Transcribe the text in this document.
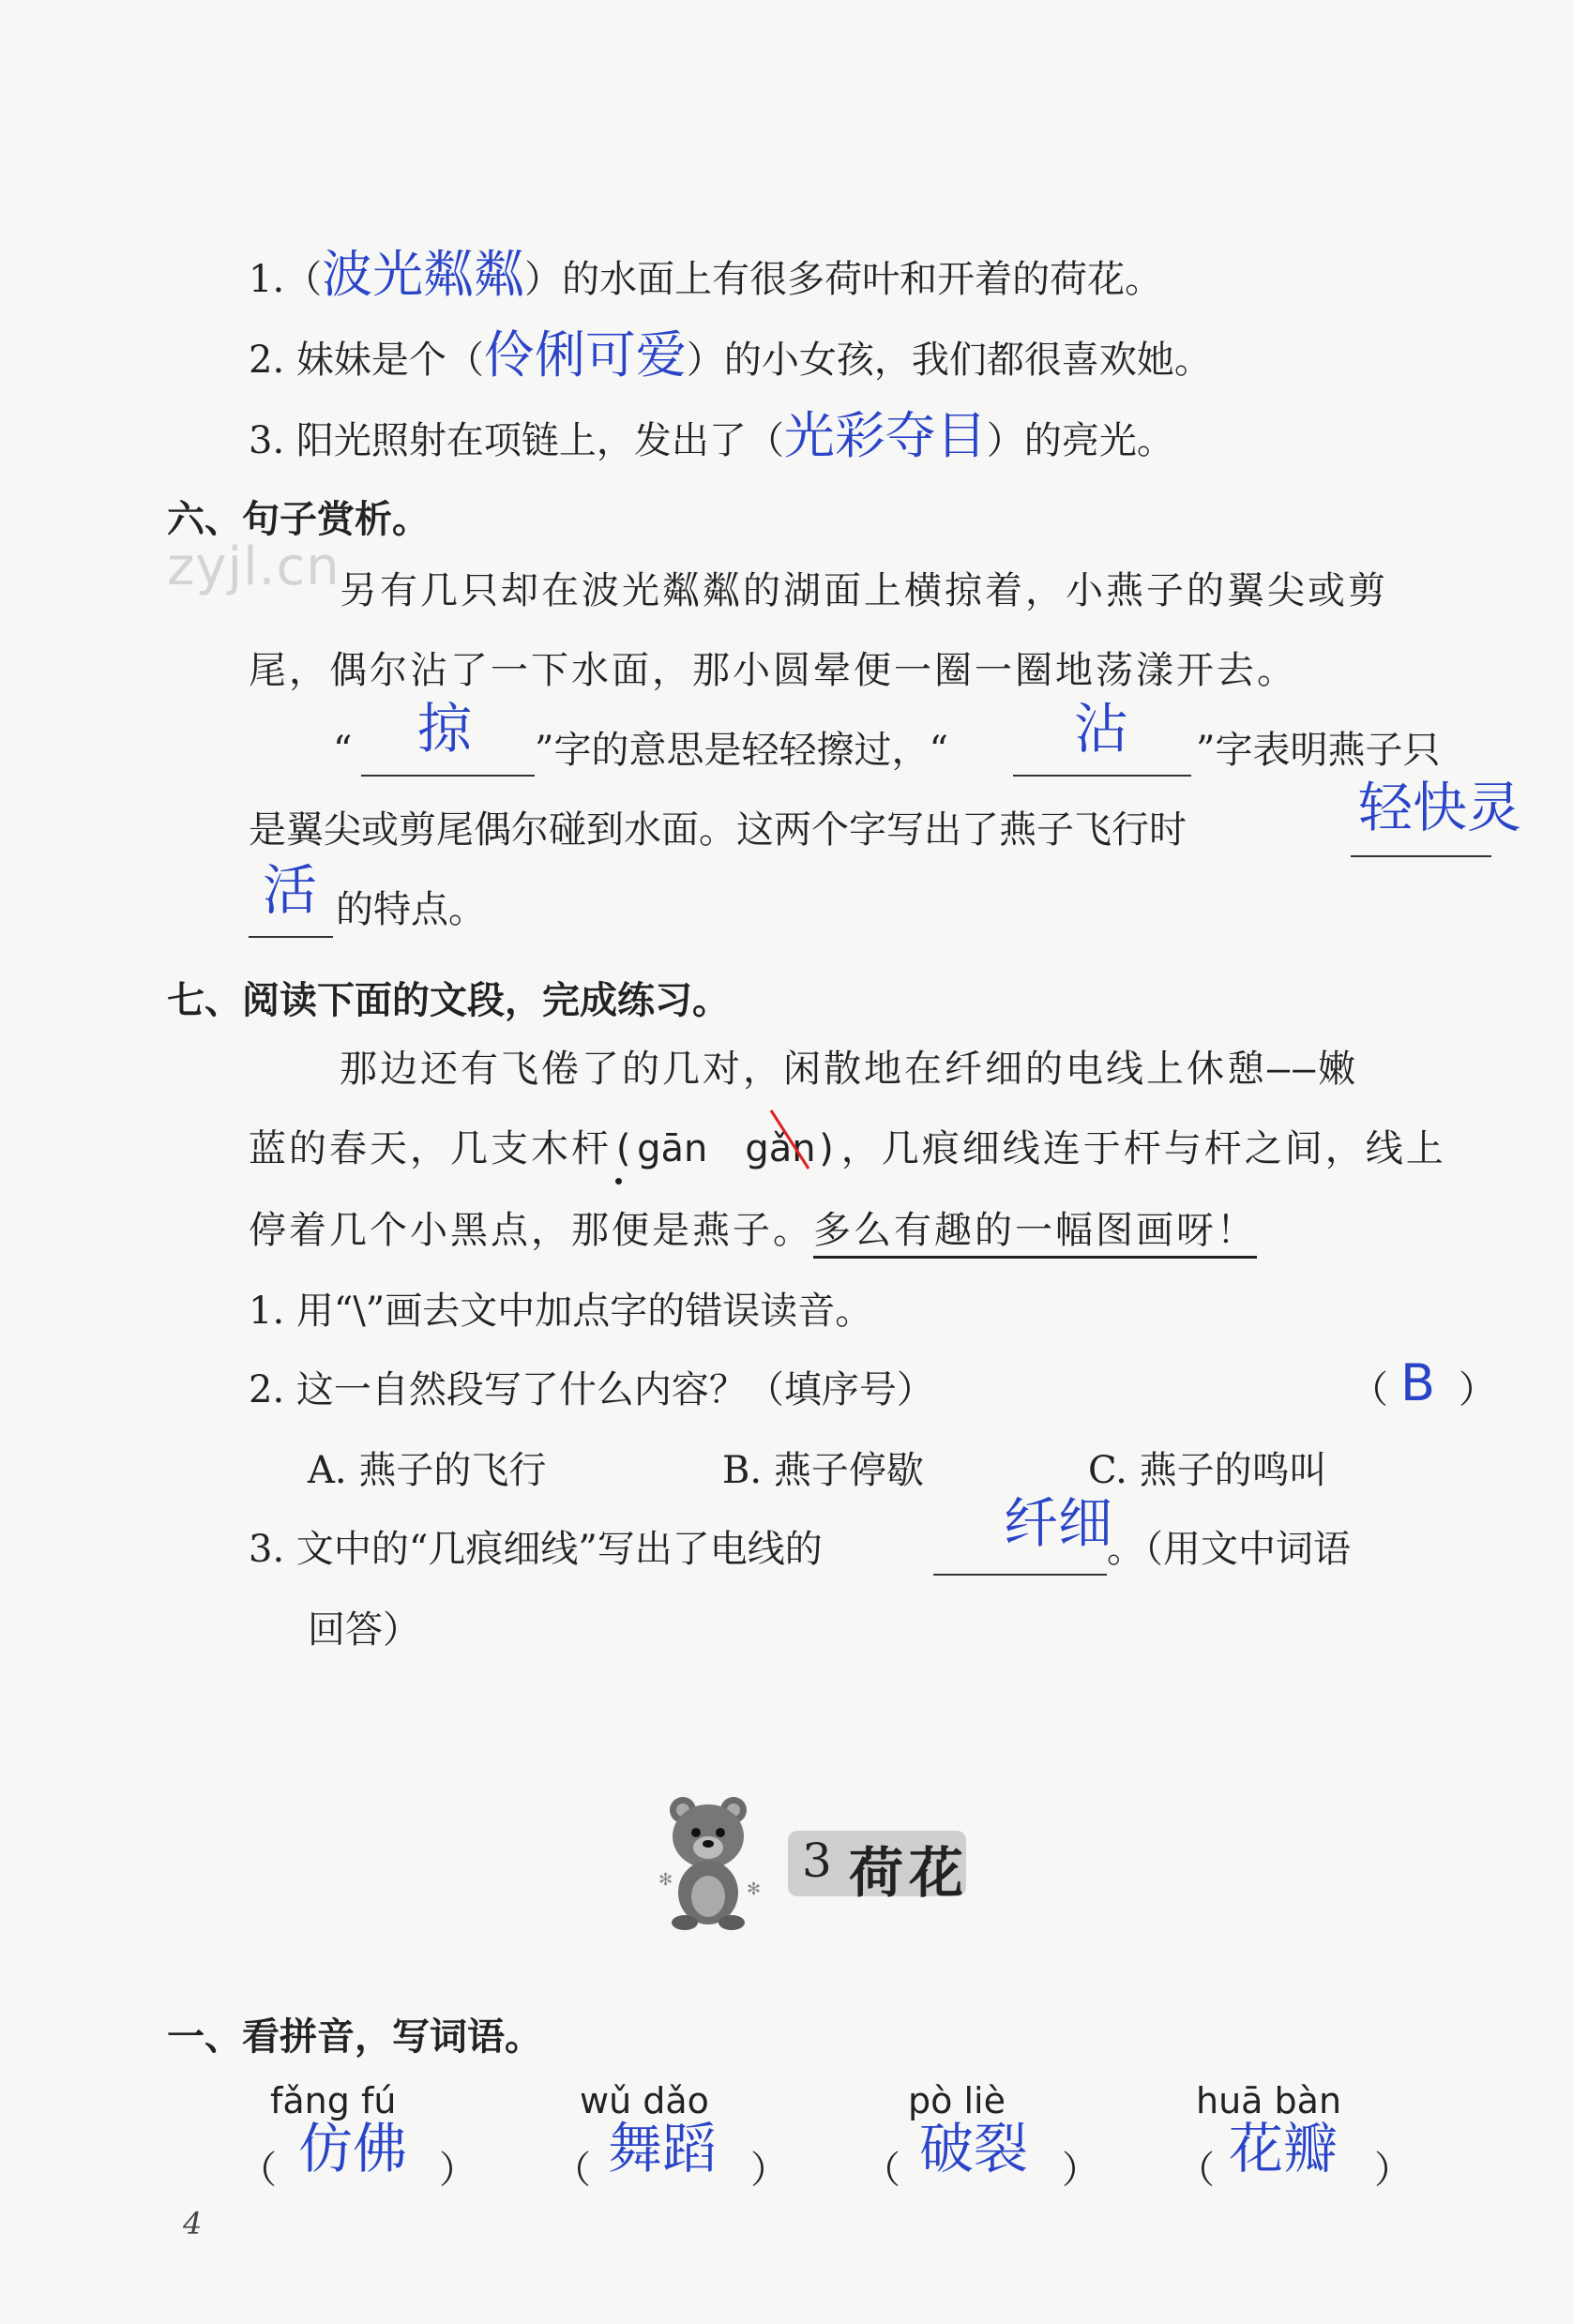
1.（波光粼粼）的水面上有很多荷叶和开着的荷花。
2. 妹妹是个（伶俐可爱）的小女孩，我们都很喜欢她。
3. 阳光照射在项链上，发出了（光彩夺目）的亮光。
六、句子赏析。
zyjl.cn 另有几只却在波光粼粼的湖面上横掠着，小燕子的翼尖或剪
尾，偶尔沾了一下水面，那小圆晕便一圈一圈地荡漾开去。
“ 掠 ”字的意思是轻轻擦过，“ 沾 ”字表明燕子只
是翼尖或剪尾偶尔碰到水面。这两个字写出了燕子飞行时	轻快灵
活 的特点。
七、阅读下面的文段，完成练习。
那边还有飞倦了的几对，闲散地在纤细的电线上休憩——嫩
蓝的春天，几支木杆(gān gǎn)，几痕细线连于杆与杆之间，线上
停着几个小黑点，那便是燕子。多么有趣的一幅图画呀！
1. 用“\”画去文中加点字的错误读音。
2. 这一自然段写了什么内容？（填序号）	（ B ）
A. 燕子的飞行	B. 燕子停歇	C. 燕子的鸣叫
3. 文中的“几痕细线”写出了电线的	纤细
。（用文中词语
回答）
✻	✻
3 荷花
一、看拼音，写词语。
fǎng fú
（ 仿佛 ）
wǔ dǎo
（ 舞蹈 ）
pò liè
（ 破裂 ）
huā bàn
（ 花瓣 ）
4
